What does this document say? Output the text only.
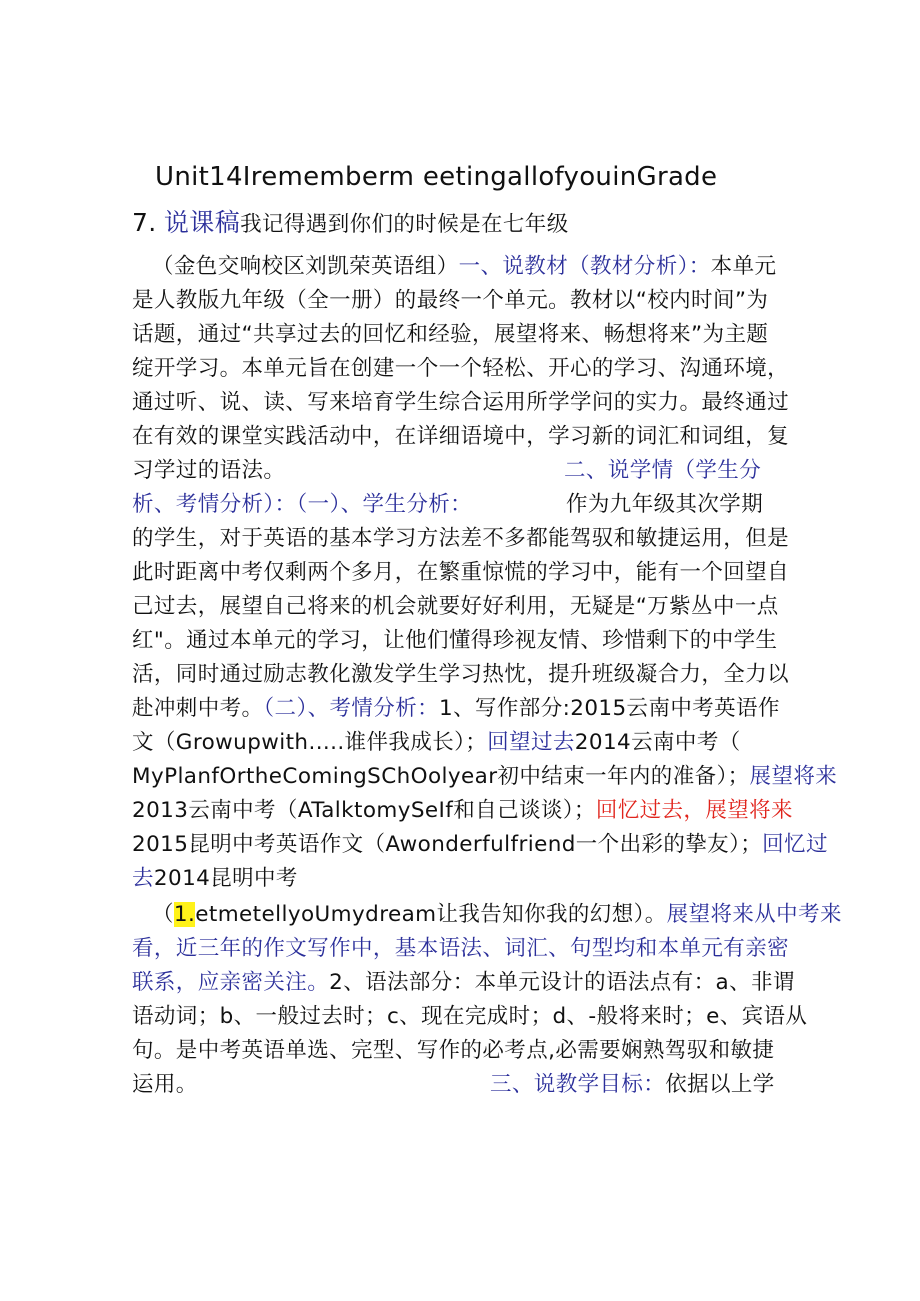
Unit14Irememberm eetingallofyouinGrade

7. 说课稿我记得遇到你们的时候是在七年级

（金色交响校区刘凯荣英语组）一、说教材（教材分析）：本单元

是人教版九年级（全一册）的最终一个单元。教材以“校内时间”为

话题，通过“共享过去的回忆和经验，展望将来、畅想将来”为主题

绽开学习。本单元旨在创建一个一个轻松、开心的学习、沟通环境，

通过听、说、读、写来培育学生综合运用所学学问的实力。最终通过

在有效的课堂实践活动中，在详细语境中，学习新的词汇和词组，复

习学过的语法。	二、说学情（学生分

析、考情分析）：（一）、学生分析：	作为九年级其次学期

的学生，对于英语的基本学习方法差不多都能驾驭和敏捷运用，但是

此时距离中考仅剩两个多月，在繁重惊慌的学习中，能有一个回望自

己过去，展望自己将来的机会就要好好利用，无疑是“万紫丛中一点

红"。通过本单元的学习，让他们懂得珍视友情、珍惜剩下的中学生

活，同时通过励志教化激发学生学习热忱，提升班级凝合力，全力以

赴冲刺中考。（二）、考情分析：1、写作部分:2015云南中考英语作

文（Growupwith.....谁伴我成长）；回望过去2014云南中考（

MyPlanfOrtheComingSChOolyear初中结束一年内的准备）；展望将来

2013云南中考（ATalktomySeIf和自己谈谈）；回忆过去，展望将来

2015昆明中考英语作文（Awonderfulfriend一个出彩的挚友）；回忆过

去2014昆明中考

（1.etmetellyoUmydream让我告知你我的幻想）。展望将来从中考来

看，近三年的作文写作中，基本语法、词汇、句型均和本单元有亲密

联系，应亲密关注。2、语法部分：本单元设计的语法点有：a、非谓

语动词；b、一般过去时；c、现在完成时；d、-般将来时；e、宾语从

句。是中考英语单选、完型、写作的必考点,必需要娴熟驾驭和敏捷

运用。	三、说教学目标：依据以上学
